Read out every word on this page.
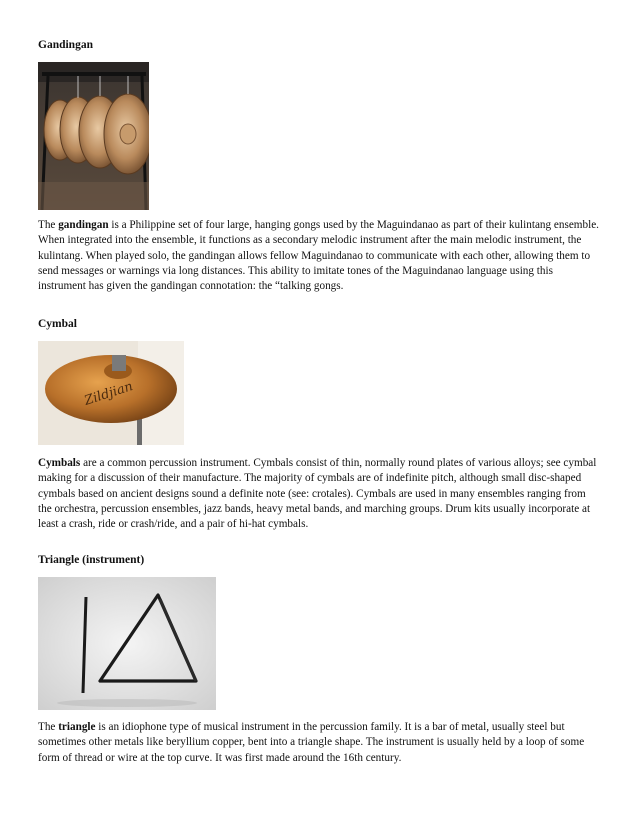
Gandingan

The gandingan is a Philippine set of four large, hanging gongs used by the Maguindanao as part of their kulintang ensemble. When integrated into the ensemble, it functions as a secondary melodic instrument after the main melodic instrument, the kulintang. When played solo, the gandingan allows fellow Maguindanao to communicate with each other, allowing them to send messages or warnings via long distances. This ability to imitate tones of the Maguindanao language using this instrument has given the gandingan connotation: the “talking gongs.

Cymbal
Zildjian

Cymbals are a common percussion instrument. Cymbals consist of thin, normally round plates of various alloys; see cymbal making for a discussion of their manufacture. The majority of cymbals are of indefinite pitch, although small disc-shaped cymbals based on ancient designs sound a definite note (see: crotales). Cymbals are used in many ensembles ranging from the orchestra, percussion ensembles, jazz bands, heavy metal bands, and marching groups. Drum kits usually incorporate at least a crash, ride or crash/ride, and a pair of hi-hat cymbals.

Triangle (instrument)

The triangle is an idiophone type of musical instrument in the percussion family. It is a bar of metal, usually steel but sometimes other metals like beryllium copper, bent into a triangle shape. The instrument is usually held by a loop of some form of thread or wire at the top curve. It was first made around the 16th century.
